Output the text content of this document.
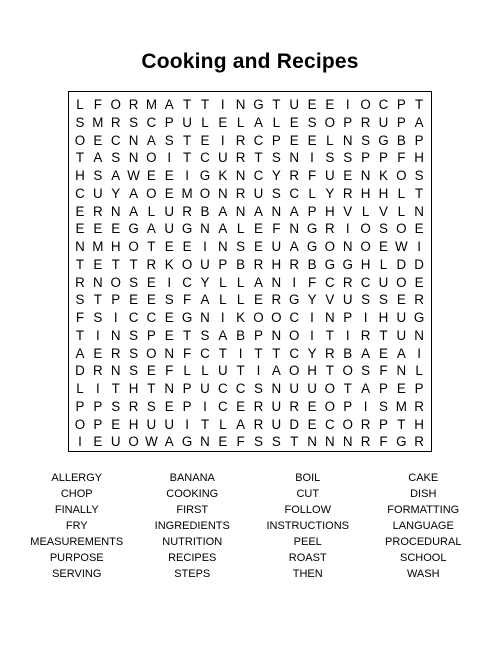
Cooking and Recipes
L F O R M A T T I N G T U E E I O C P T
S M R S C P U L E L A L E S O P R U P A
O E C N A S T E I R C P E E L N S G B P
T A S N O I T C U R T S N I S S P P F H
H S A W E E I G K N C Y R F U E N K O S
C U Y A O E M O N R U S C L Y R H H L T
E R N A L U R B A N A N A P H V L V L N
E E E G A U G N A L E F N G R I O S O E
N M H O T E E I N S E U A G O N O E W I
T E T T R K O U P B R H R B G G H L D D
R N O S E I C Y L L A N I F C R C U O E
S T P E E S F A L L E R G Y V U S S E R
F S I C C E G N I K O O C I N P I H U G
T I N S P E T S A B P N O I T I R T U N
A E R S O N F C T I T T C Y R B A E A I
D R N S E F L L U T I A O H T O S F N L
L I T H T N P U C C S N U U O T A P E P
P P S R S E P I C E R U R E O P I S M R
O P E H U U I T L A R U D E C O R P T H
I E U O W A G N E F S S T N N N R F G R
ALLERGY	BANANA	BOIL	CAKE
CHOP	COOKING	CUT	DISH
FINALLY	FIRST	FOLLOW	FORMATTING
FRY	INGREDIENTS	INSTRUCTIONS	LANGUAGE
MEASUREMENTS	NUTRITION	PEEL	PROCEDURAL
PURPOSE	RECIPES	ROAST	SCHOOL
SERVING	STEPS	THEN	WASH
